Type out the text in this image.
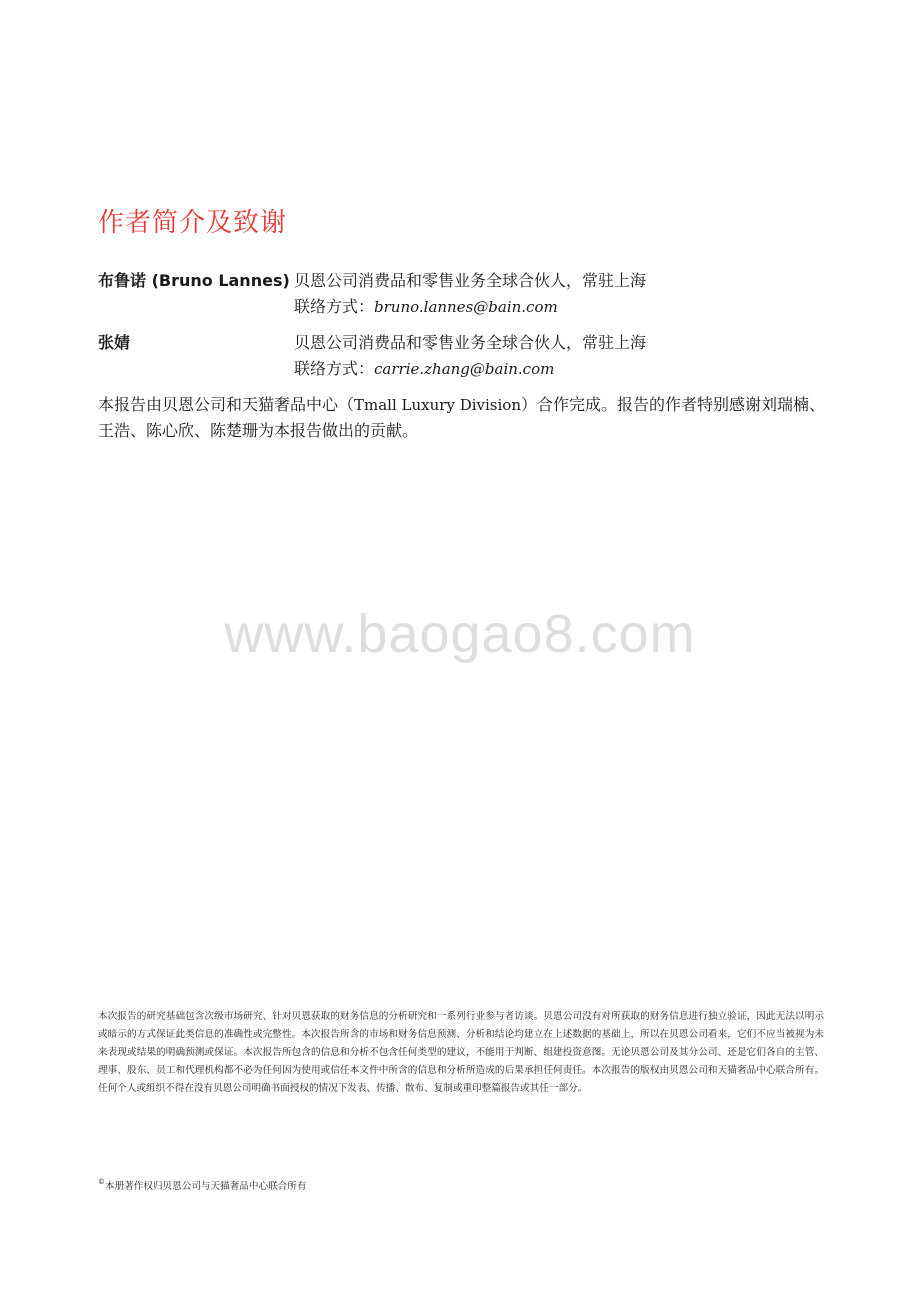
作者简介及致谢
布鲁诺 (Bruno Lannes) 贝恩公司消费品和零售业务全球合伙人，常驻上海
联络方式：bruno.lannes@bain.com
张婧	贝恩公司消费品和零售业务全球合伙人，常驻上海
联络方式：carrie.zhang@bain.com
本报告由贝恩公司和天猫奢品中心（Tmall Luxury Division）合作完成。报告的作者特别感谢刘瑞楠、王浩、陈心欣、陈楚珊为本报告做出的贡献。
www.baogao8.com
本次报告的研究基础包含次级市场研究、针对贝恩获取的财务信息的分析研究和一系列行业参与者访谈。贝恩公司没有对所获取的财务信息进行独立验证，因此无法以明示或暗示的方式保证此类信息的准确性或完整性。本次报告所含的市场和财务信息预测、分析和结论均建立在上述数据的基础上，所以在贝恩公司看来，它们不应当被视为未来表现或结果的明确预测或保证。本次报告所包含的信息和分析不包含任何类型的建议，不能用于判断、组建投资意图。无论贝恩公司及其分公司、还是它们各自的主管、理事、股东、员工和代理机构都不必为任何因为使用或信任本文件中所含的信息和分析所造成的后果承担任何责任。本次报告的版权由贝恩公司和天猫奢品中心联合所有。任何个人或组织不得在没有贝恩公司明确书面授权的情况下发表、传播、散布、复制或重印整篇报告或其任一部分。
©本册著作权归贝恩公司与天猫奢品中心联合所有
